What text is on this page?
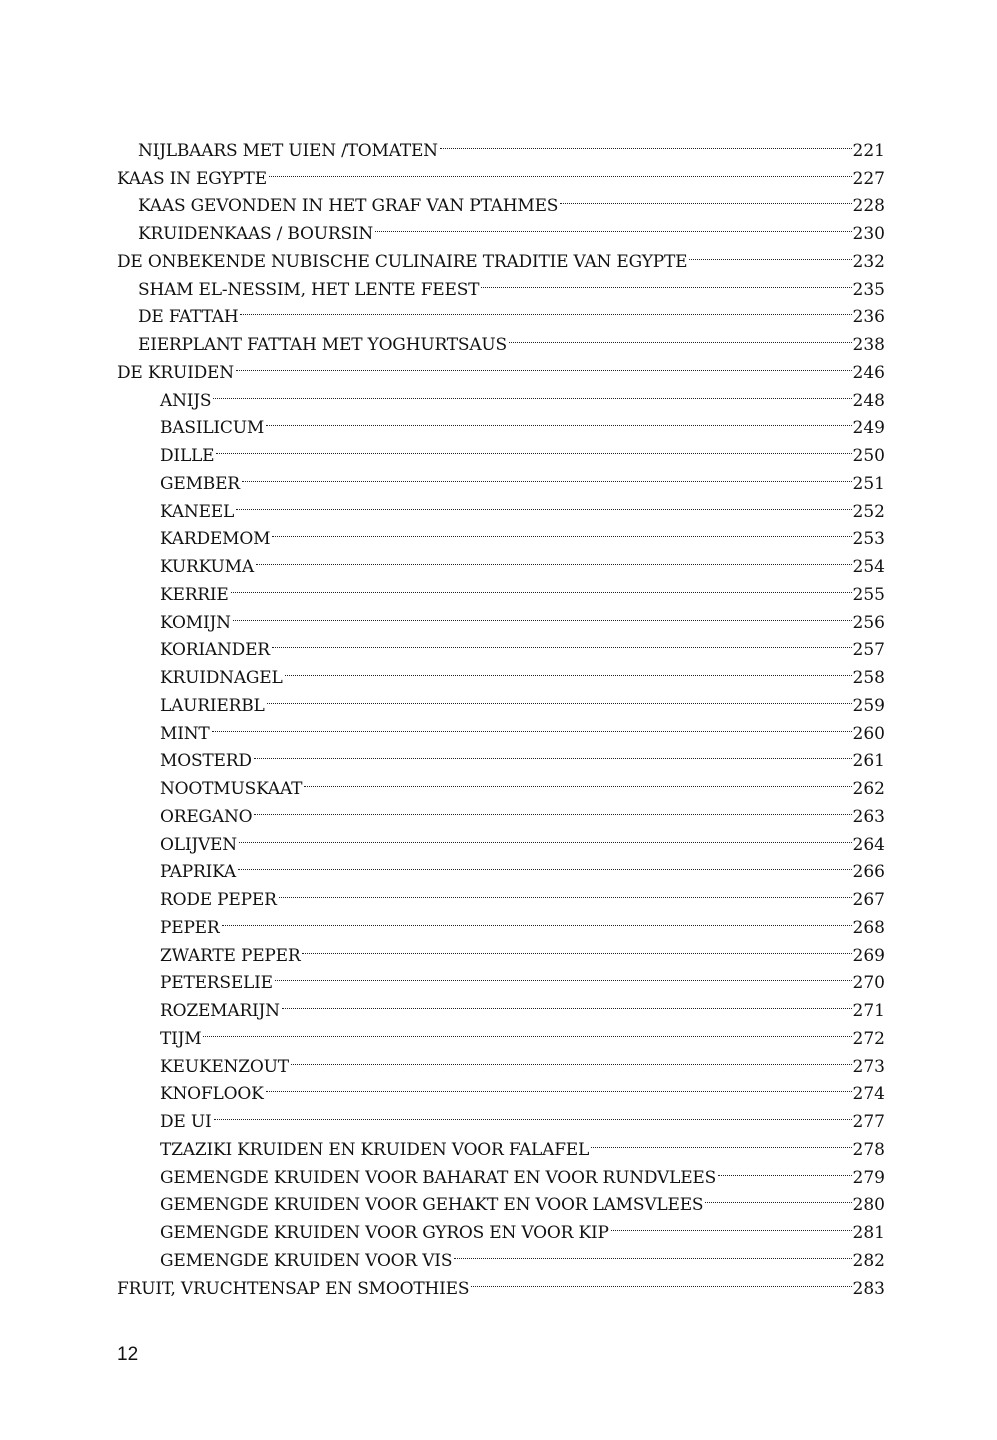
NIJLBAARS MET UIEN /TOMATEN	221
KAAS IN EGYPTE	227
KAAS GEVONDEN IN HET GRAF VAN PTAHMES	228
KRUIDENKAAS / BOURSIN	230
DE ONBEKENDE NUBISCHE CULINAIRE TRADITIE VAN EGYPTE	232
SHAM EL-NESSIM, HET LENTE FEEST	235
DE FATTAH	236
EIERPLANT FATTAH MET YOGHURTSAUS	238
DE KRUIDEN	246
ANIJS	248
BASILICUM	249
DILLE	250
GEMBER	251
KANEEL	252
KARDEMOM	253
KURKUMA	254
KERRIE	255
KOMIJN	256
KORIANDER	257
KRUIDNAGEL	258
LAURIERBL	259
MINT	260
MOSTERD	261
NOOTMUSKAAT	262
OREGANO	263
OLIJVEN	264
PAPRIKA	266
RODE PEPER	267
PEPER	268
ZWARTE PEPER	269
PETERSELIE	270
ROZEMARIJN	271
TIJM	272
KEUKENZOUT	273
KNOFLOOK	274
DE UI	277
TZAZIKI KRUIDEN EN KRUIDEN VOOR FALAFEL	278
GEMENGDE KRUIDEN VOOR BAHARAT EN VOOR RUNDVLEES	279
GEMENGDE KRUIDEN VOOR GEHAKT EN VOOR LAMSVLEES	280
GEMENGDE KRUIDEN VOOR GYROS EN VOOR KIP	281
GEMENGDE KRUIDEN VOOR VIS	282
FRUIT, VRUCHTENSAP EN SMOOTHIES	283
12
